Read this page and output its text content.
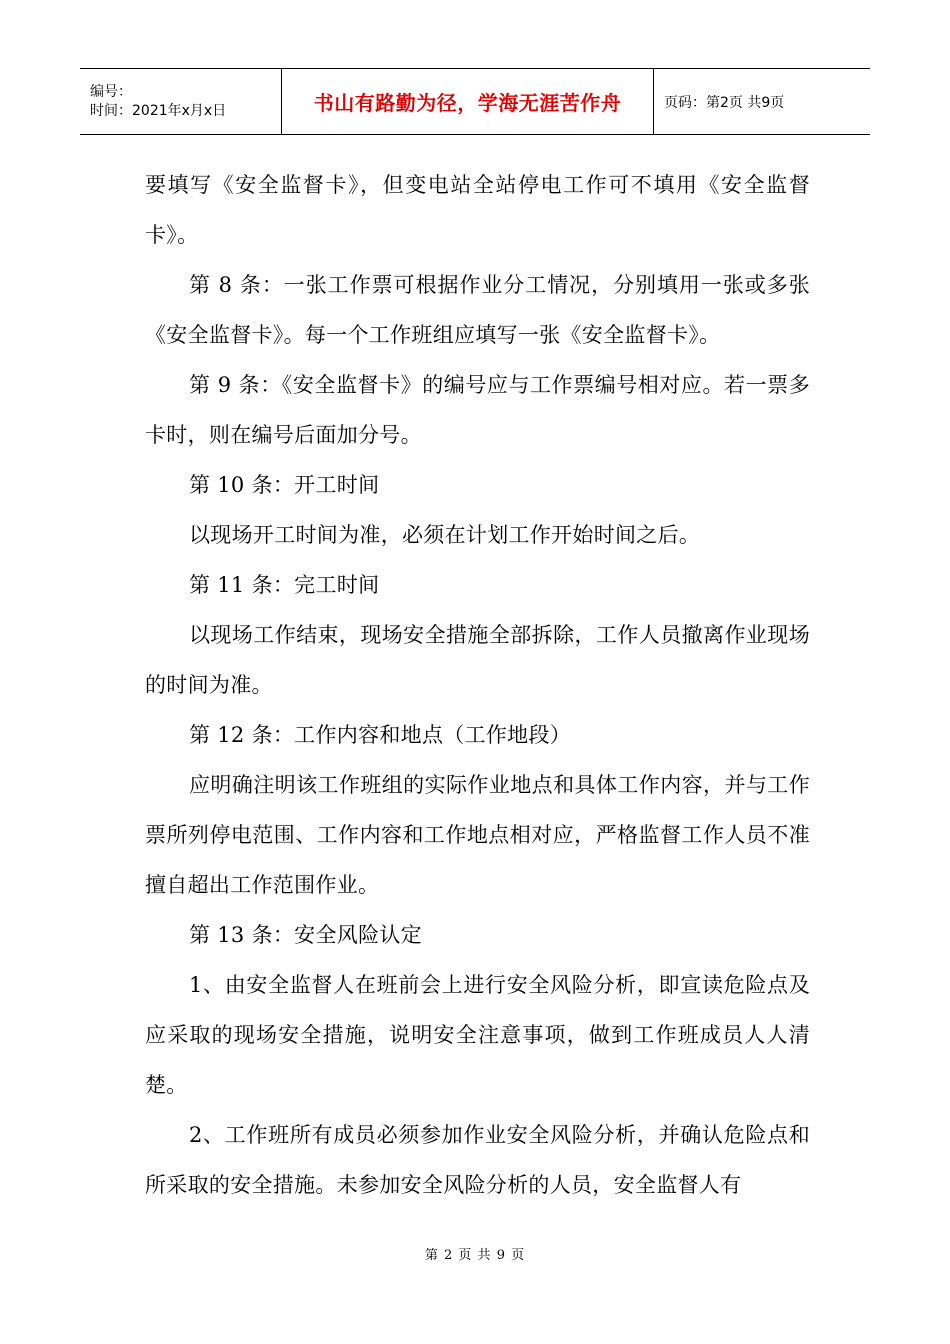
编号：
时间：2021年x月x日	书山有路勤为径，学海无涯苦作舟	页码：第2页 共9页

要填写《安全监督卡》，但变电站全站停电工作可不填用《安全监督卡》。

第 8 条：一张工作票可根据作业分工情况，分别填用一张或多张《安全监督卡》。每一个工作班组应填写一张《安全监督卡》。

第 9 条：《安全监督卡》的编号应与工作票编号相对应。若一票多卡时，则在编号后面加分号。

第 10 条：开工时间

以现场开工时间为准，必须在计划工作开始时间之后。

第 11 条：完工时间

以现场工作结束，现场安全措施全部拆除，工作人员撤离作业现场的时间为准。

第 12 条：工作内容和地点（工作地段）

应明确注明该工作班组的实际作业地点和具体工作内容，并与工作票所列停电范围、工作内容和工作地点相对应，严格监督工作人员不准擅自超出工作范围作业。

第 13 条：安全风险认定

1、由安全监督人在班前会上进行安全风险分析，即宣读危险点及应采取的现场安全措施，说明安全注意事项，做到工作班成员人人清楚。

2、工作班所有成员必须参加作业安全风险分析，并确认危险点和所采取的安全措施。未参加安全风险分析的人员，安全监督人有

第 2 页 共 9 页
